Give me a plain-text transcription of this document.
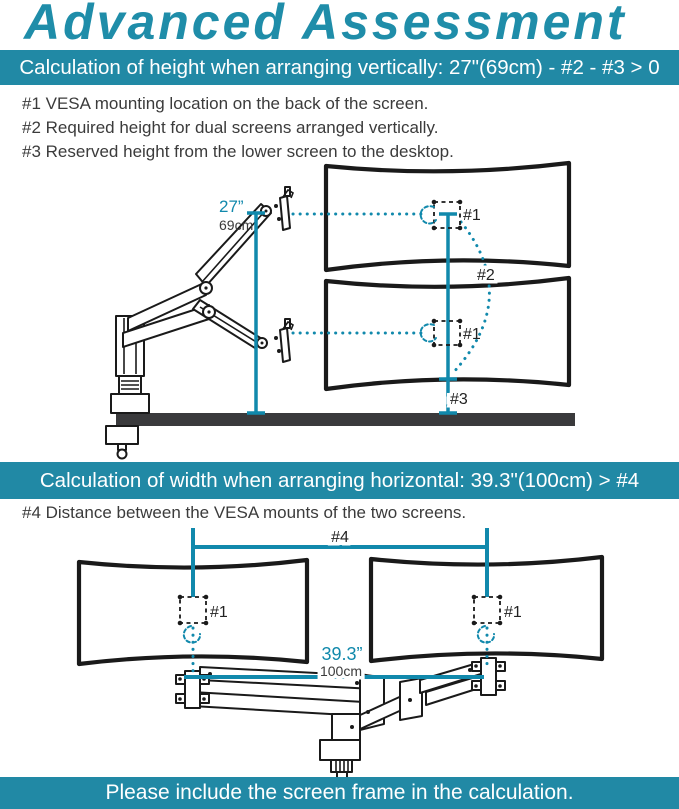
Advanced Assessment
Calculation of height when arranging vertically: 27"(69cm) - #2 - #3 > 0
#1 VESA mounting location on the back of the screen.
#2 Required height for dual screens arranged vertically.
#3 Reserved height from the lower screen to the desktop.
27”
69cm
#1
#1
#2
#3
Calculation of width when arranging horizontal: 39.3"(100cm) > #4
#4 Distance between the VESA mounts of the two screens.
#4
#1	#1
39.3”
100cm
Please include the screen frame in the calculation.
